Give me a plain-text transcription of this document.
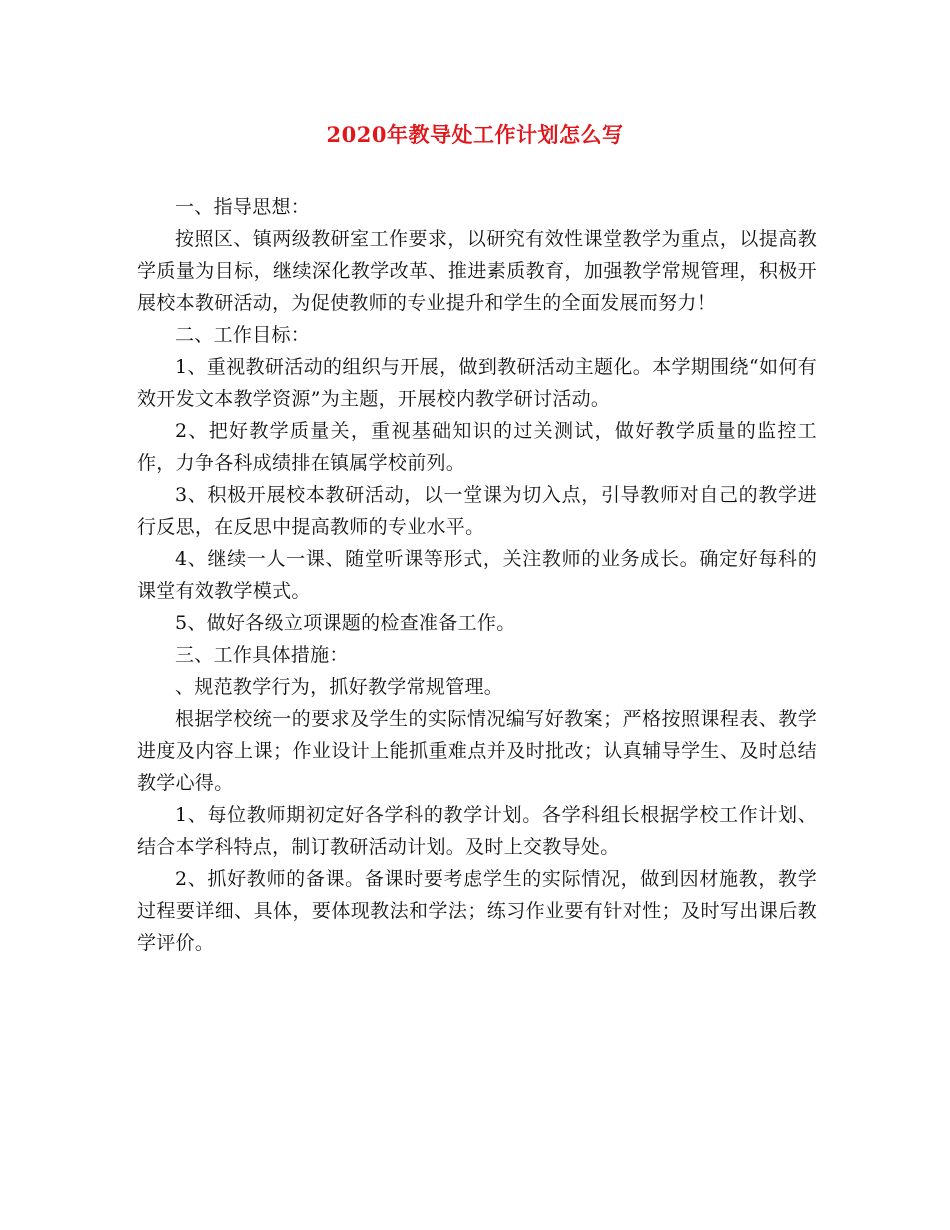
2020年教导处工作计划怎么写

一、指导思想：

按照区、镇两级教研室工作要求，以研究有效性课堂教学为重点，以提高教学质量为目标，继续深化教学改革、推进素质教育，加强教学常规管理，积极开展校本教研活动，为促使教师的专业提升和学生的全面发展而努力！

二、工作目标：

1、重视教研活动的组织与开展，做到教研活动主题化。本学期围绕“如何有效开发文本教学资源”为主题，开展校内教学研讨活动。

2、把好教学质量关，重视基础知识的过关测试，做好教学质量的监控工作，力争各科成绩排在镇属学校前列。

3、积极开展校本教研活动，以一堂课为切入点，引导教师对自己的教学进行反思，在反思中提高教师的专业水平。

4、继续一人一课、随堂听课等形式，关注教师的业务成长。确定好每科的课堂有效教学模式。

5、做好各级立项课题的检查准备工作。

三、工作具体措施：

、规范教学行为，抓好教学常规管理。

根据学校统一的要求及学生的实际情况编写好教案；严格按照课程表、教学进度及内容上课；作业设计上能抓重难点并及时批改；认真辅导学生、及时总结教学心得。

1、每位教师期初定好各学科的教学计划。各学科组长根据学校工作计划、结合本学科特点，制订教研活动计划。及时上交教导处。

2、抓好教师的备课。备课时要考虑学生的实际情况，做到因材施教，教学过程要详细、具体，要体现教法和学法；练习作业要有针对性；及时写出课后教学评价。
